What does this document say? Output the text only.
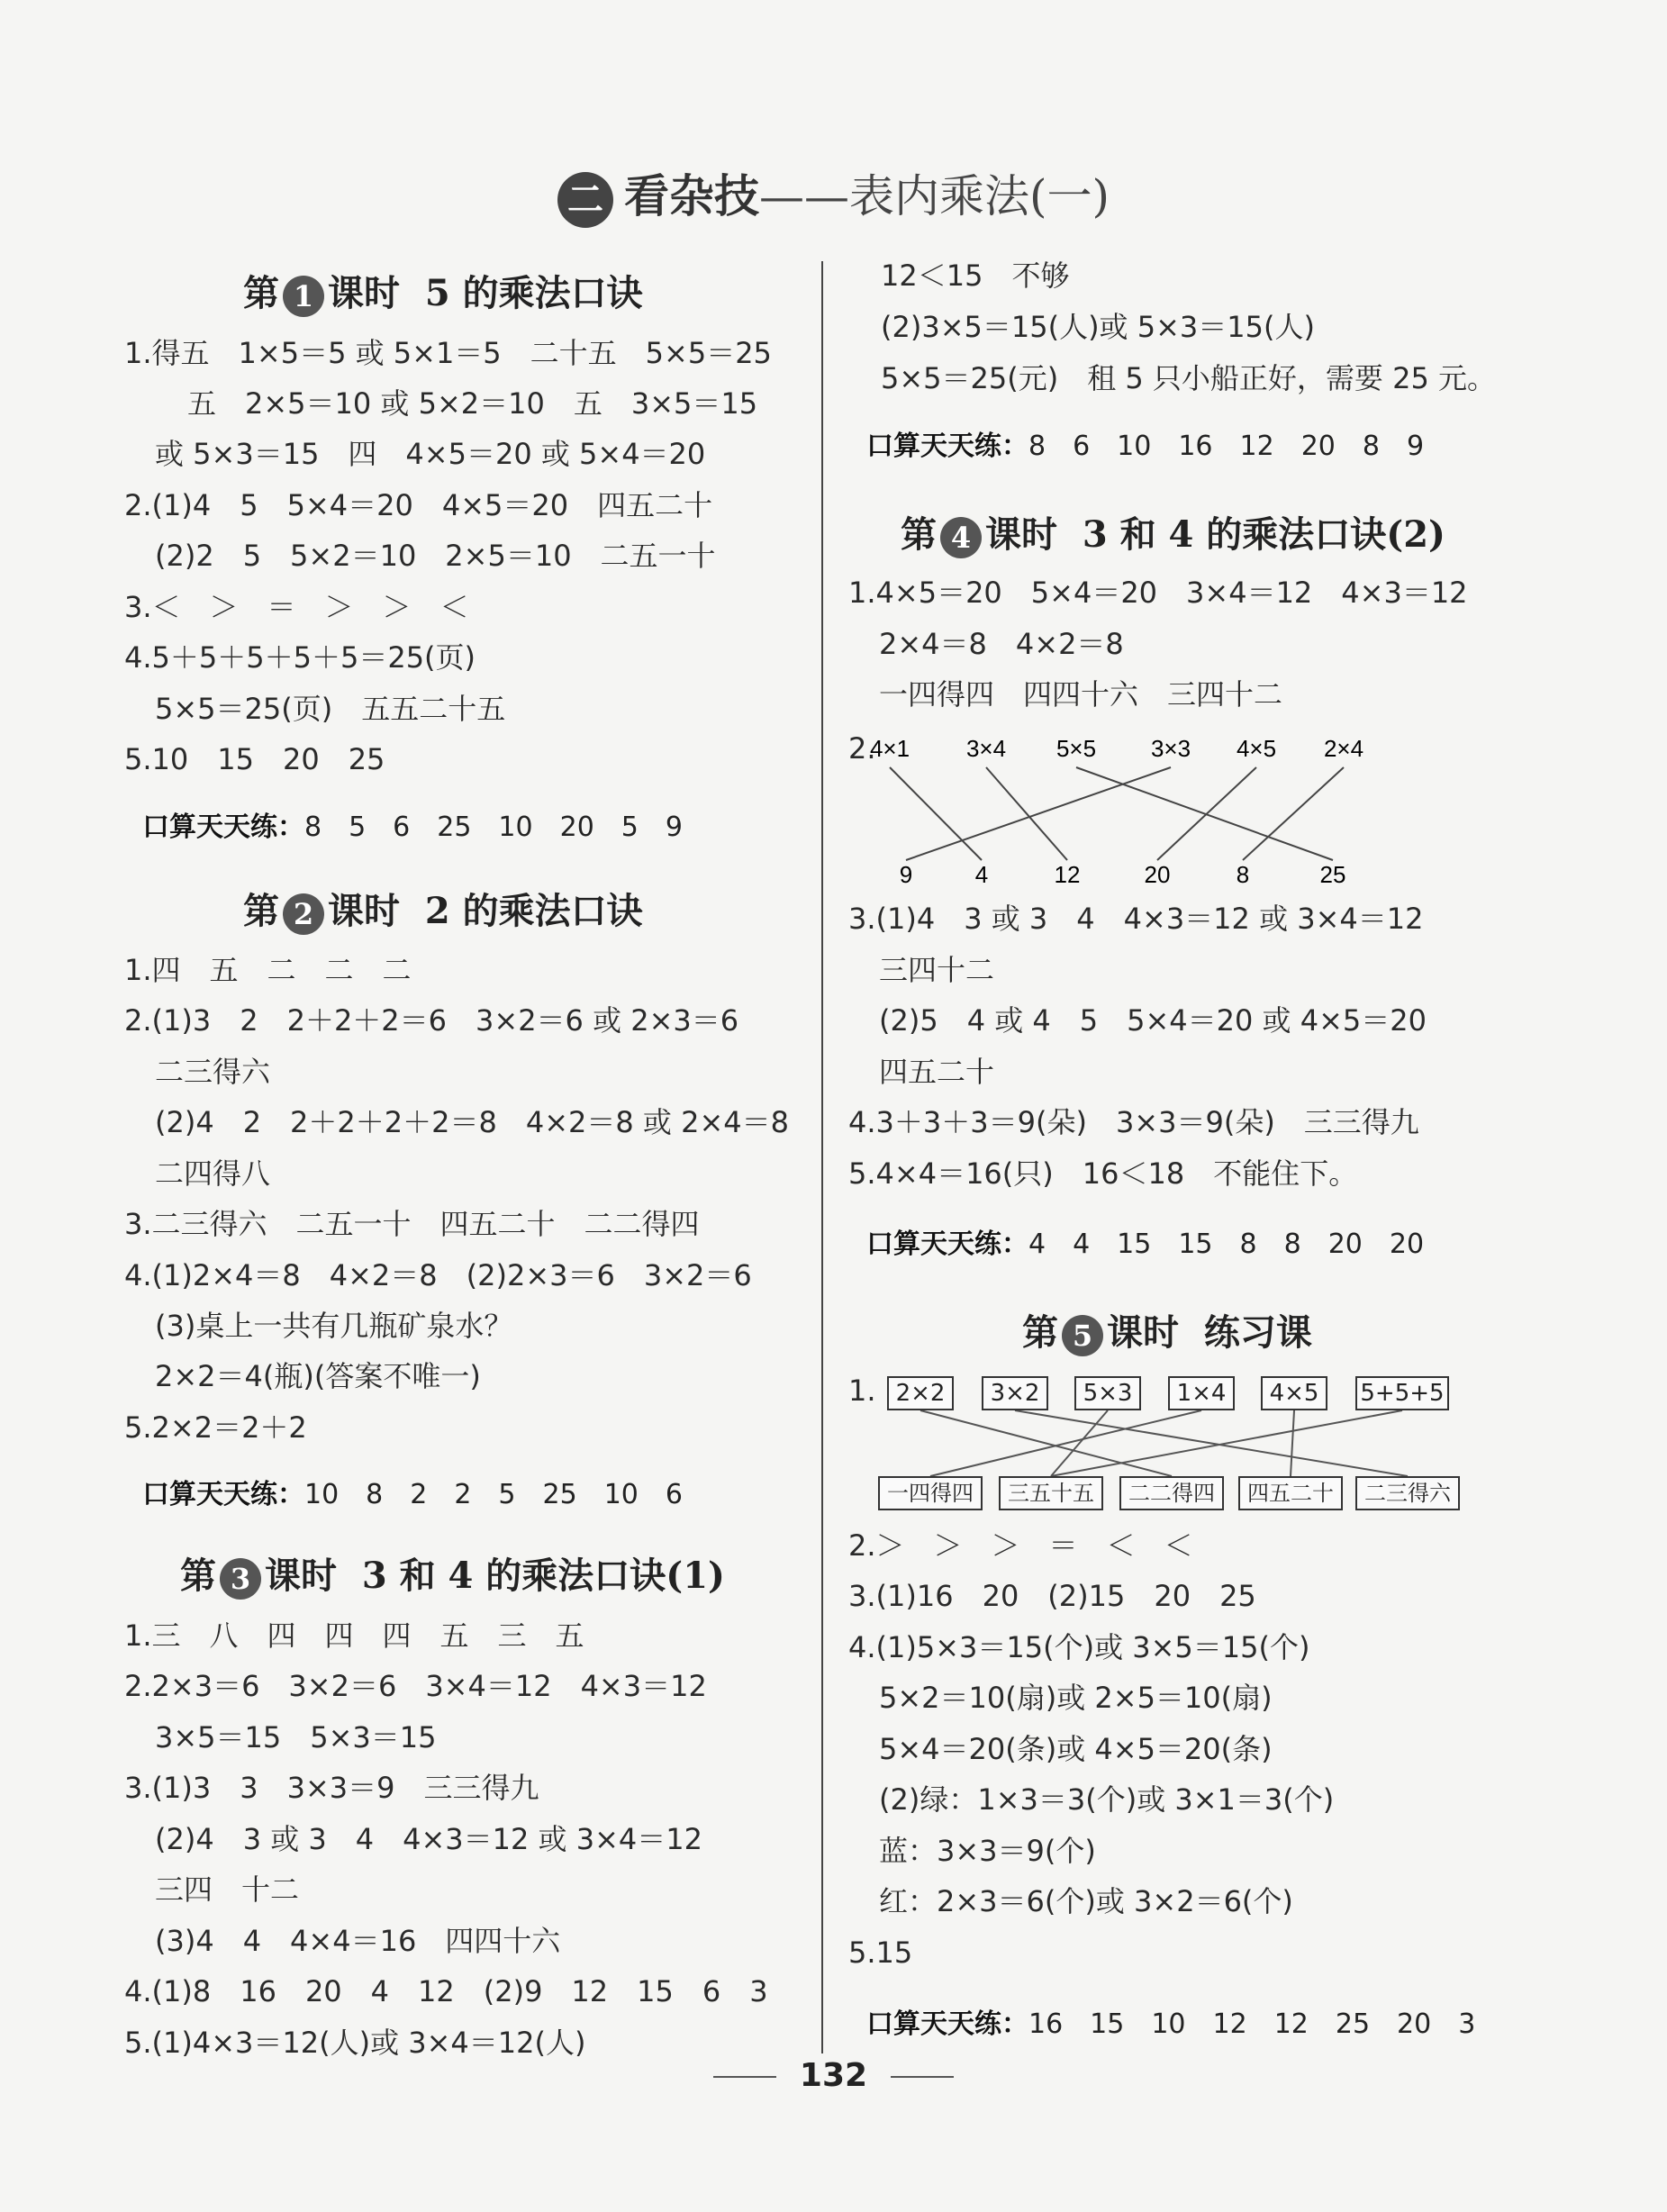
二 看杂技——表内乘法(一)
第 1 课时 5 的乘法口诀
1.得五　1×5＝5 或 5×1＝5　二十五　5×5＝25
五　2×5＝10 或 5×2＝10　五　3×5＝15
或 5×3＝15　四　4×5＝20 或 5×4＝20
2.(1)4　5　5×4＝20　4×5＝20　四五二十
(2)2　5　5×2＝10　2×5＝10　二五一十
3.＜　＞　＝　＞　＞　＜
4.5＋5＋5＋5＋5＝25(页)
5×5＝25(页)　五五二十五
5.10　15　20　25
口算天天练：8　5　6　25　10　20　5　9
第 2 课时 2 的乘法口诀
1.四　五　二　二　二
2.(1)3　2　2＋2＋2＝6　3×2＝6 或 2×3＝6
二三得六
(2)4　2　2＋2＋2＋2＝8　4×2＝8 或 2×4＝8
二四得八
3.二三得六　二五一十　四五二十　二二得四
4.(1)2×4＝8　4×2＝8　(2)2×3＝6　3×2＝6
(3)桌上一共有几瓶矿泉水？
2×2＝4(瓶)(答案不唯一)
5.2×2＝2＋2
口算天天练：10　8　2　2　5　25　10　6
第 3 课时 3 和 4 的乘法口诀(1)
1.三　八　四　四　四　五　三　五
2.2×3＝6　3×2＝6　3×4＝12　4×3＝12
3×5＝15　5×3＝15
3.(1)3　3　3×3＝9　三三得九
(2)4　3 或 3　4　4×3＝12 或 3×4＝12
三四　十二
(3)4　4　4×4＝16　四四十六
4.(1)8　16　20　4　12　(2)9　12　15　6　3
5.(1)4×3＝12(人)或 3×4＝12(人)
12＜15　不够
(2)3×5＝15(人)或 5×3＝15(人)
5×5＝25(元)　租 5 只小船正好，需要 25 元。
口算天天练：8　6　10　16　12　20　8　9
第 4 课时 3 和 4 的乘法口诀(2)
1.4×5＝20　5×4＝20　3×4＝12　4×3＝12
2×4＝8　4×2＝8
一四得四　四四十六　三四十二
2.
4×1 3×4 5×5 3×3 4×5 2×4
9	4	12	20	8	25
3.(1)4　3 或 3　4　4×3＝12 或 3×4＝12
三四十二
(2)5　4 或 4　5　5×4＝20 或 4×5＝20
四五二十
4.3＋3＋3＝9(朵)　3×3＝9(朵)　三三得九
5.4×4＝16(只)　16＜18　不能住下。
口算天天练：4　4　15　15　8　8　20　20
第 5 课时 练习课
1. 2×2	3×2	5×3	1×4	4×5	5+5+5
一四得四	三五十五	二二得四	四五二十	二三得六
2.＞　＞　＞　＝　＜　＜
3.(1)16　20　(2)15　20　25
4.(1)5×3＝15(个)或 3×5＝15(个)
5×2＝10(扇)或 2×5＝10(扇)
5×4＝20(条)或 4×5＝20(条)
(2)绿：1×3＝3(个)或 3×1＝3(个)
蓝：3×3＝9(个)
红：2×3＝6(个)或 3×2＝6(个)
5.15
口算天天练：16　15　10　12　12　25　20　3
132
